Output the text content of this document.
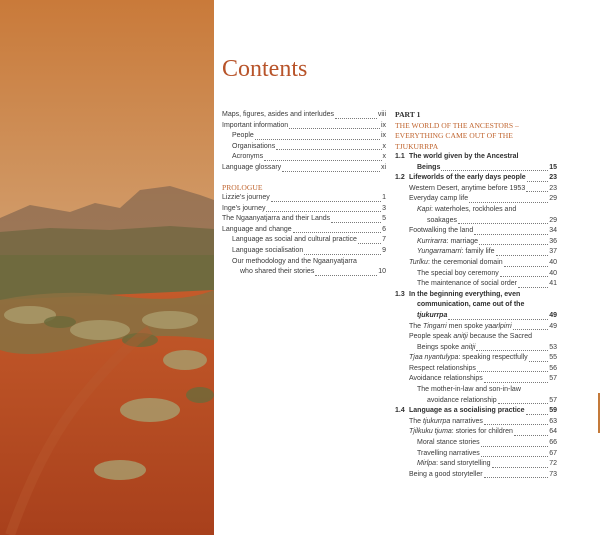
Contents
Maps, figures, asides and interludes	viii
Important information	ix
People	ix
Organisations	x
Acronyms	x
Language glossary	xi
PROLOGUE
Lizzie’s journey	1
Inge’s journey	3
The Ngaanyatjarra and their Lands	5
Language and change	6
Language as social and cultural practice	7
Language socialisation	9
Our methodology and the Ngaanyatjarra
who shared their stories	10
PART 1
THE WORLD OF THE ANCESTORS – EVERYTHING CAME OUT OF THE TJUKURRPA
1.1 The world given by the Ancestral
Beings	15
1.2 Lifeworlds of the early days people	23
Western Desert, anytime before 1953	23
Everyday camp life	29
Kapi: waterholes, rockholes and
soakages	29
Footwalking the land	34
Kurrirarra: marriage	36
Yungarramarri: family life	37
Turlku: the ceremonial domain	40
The special boy ceremony	40
The maintenance of social order	41
1.3 In the beginning everything, even
communication, came out of the
tjukurrpa	49
The Tingarri men spoke yaarlpirri	49
People speak anitji because the Sacred
Beings spoke anitji	53
Tjaa nyantulypa: speaking respectfully	55
Respect relationships	56
Avoidance relationships	57
The mother-in-law and son-in-law
avoidance relationship	57
1.4 Language as a socialising practice	59
The tjukurrpa narratives	63
Tjilkuku tjuma: stories for children	64
Moral stance stories	66
Travelling narratives	67
Mirlpa: sand storytelling	72
Being a good storyteller	73
